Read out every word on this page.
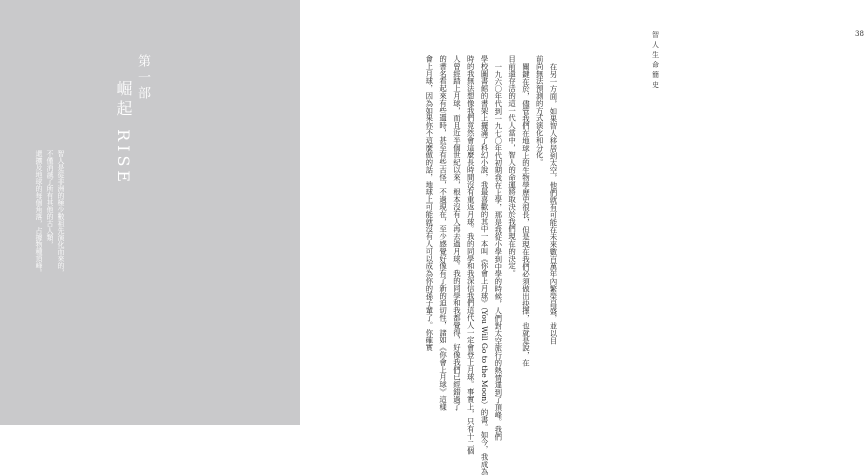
第一部
崛起 RISE
智人是從非洲的極少數祖先演化而來的，
不僅消滅了所有其他的古人類，
還擴及地球的每個角落，占據物種頂峰。
智人生命簡史
38
在另一方面，如果智人移居到太空，他們就有可能在未來數百萬年內繁榮昌盛，並以目
前尚無法預測的方式演化和分化。
關鍵在於，儘管我們在地球上的生物學歷史很長，但是現在我們必須做出抉擇，也就是說，在
目前還存活的這一代人當中，智人的命運將取決於我們現在的決定。
一九六〇年代到一九七〇年代初期我在上學，那是我從小學到中學的時候，人們對太空旅行的熱情達到了頂峰。我們
學校圖書館的書架上擺滿了科幻小說，我最喜歡的其中一本叫《你會上月球》（You Will Go to the Moon）的書。如今，我成為
時的我無法想像我們竟然會這麼長時間沒有重返月球。我的同學和我深信我們這代人一定會登上月球。事實上，只有十二個
人曾經踏上月球，而且近半個世紀以來，根本沒有人再去過月球。我的同學和我都覺得，好像我們已經錯過了
的書名看起來有些過時，甚至有些古怪，不過現在，至少感覺好像有了新的迫切性，諸如《你會上月球》這樣
會上月球，因為如果你不這麼做的話，地球上可能就沒有人可以成為你的孫子輩了。你確實
